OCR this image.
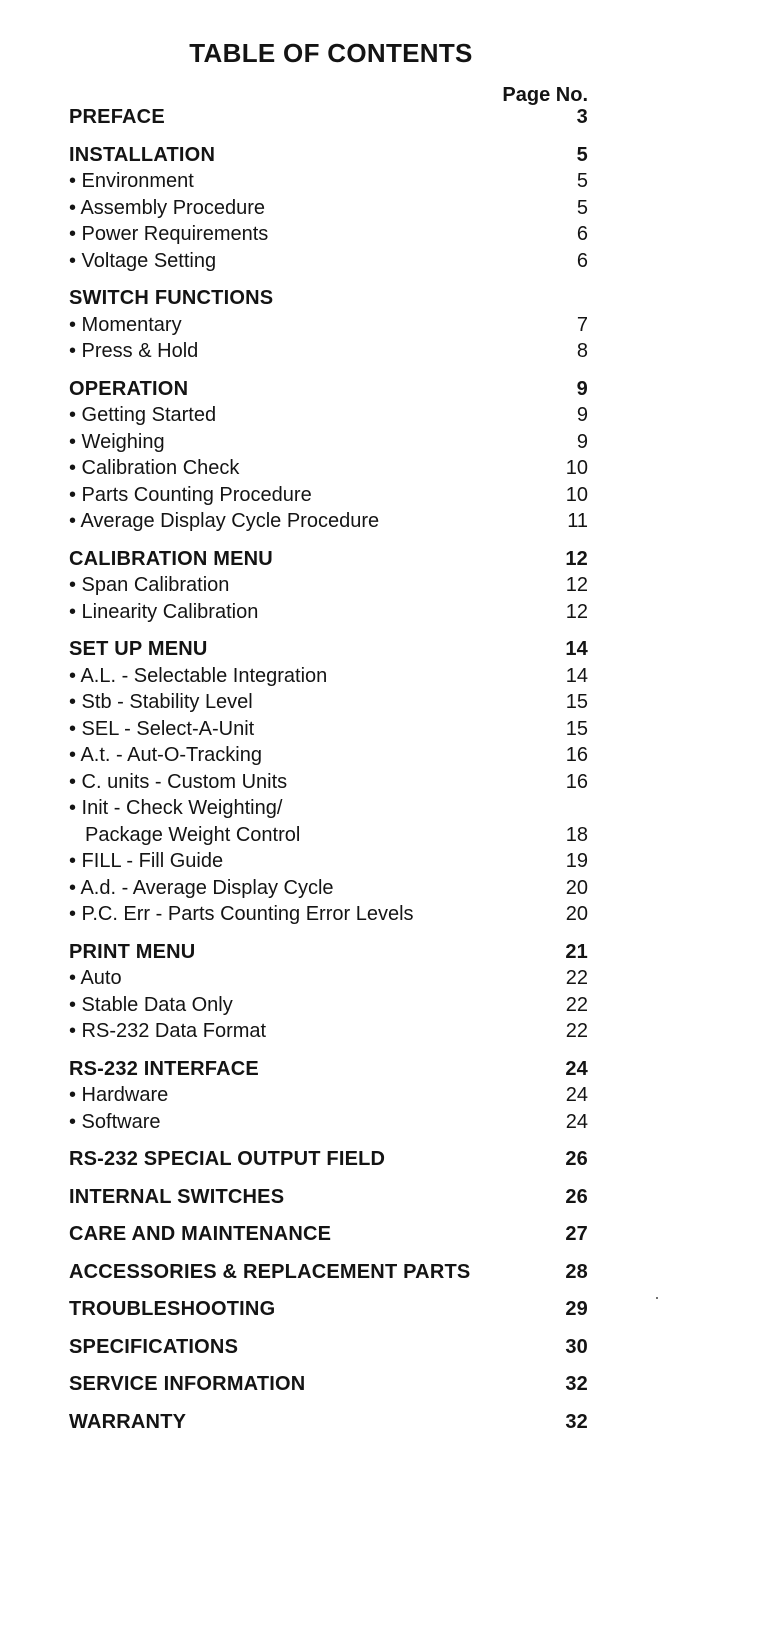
TABLE OF CONTENTS
Page No.
PREFACE	3
INSTALLATION	5
• Environment	5
• Assembly Procedure	5
• Power Requirements	6
• Voltage Setting	6
SWITCH FUNCTIONS
• Momentary	7
• Press & Hold	8
OPERATION	9
• Getting Started	9
• Weighing	9
• Calibration Check	10
• Parts Counting Procedure	10
• Average Display Cycle Procedure	11
CALIBRATION MENU	12
• Span Calibration	12
• Linearity Calibration	12
SET UP MENU	14
• A.L. - Selectable Integration	14
• Stb - Stability Level	15
• SEL - Select-A-Unit	15
• A.t. - Aut-O-Tracking	16
• C. units - Custom Units	16
• Init - Check Weighting/
Package Weight Control	18
• FILL - Fill Guide	19
• A.d. - Average Display Cycle	20
• P.C. Err - Parts Counting Error Levels	20
PRINT MENU	21
• Auto	22
• Stable Data Only	22
• RS-232 Data Format	22
RS-232 INTERFACE	24
• Hardware	24
• Software	24
RS-232 SPECIAL OUTPUT FIELD	26
INTERNAL SWITCHES	26
CARE AND MAINTENANCE	27
ACCESSORIES & REPLACEMENT PARTS	28
TROUBLESHOOTING	29
SPECIFICATIONS	30
SERVICE INFORMATION	32
WARRANTY	32
